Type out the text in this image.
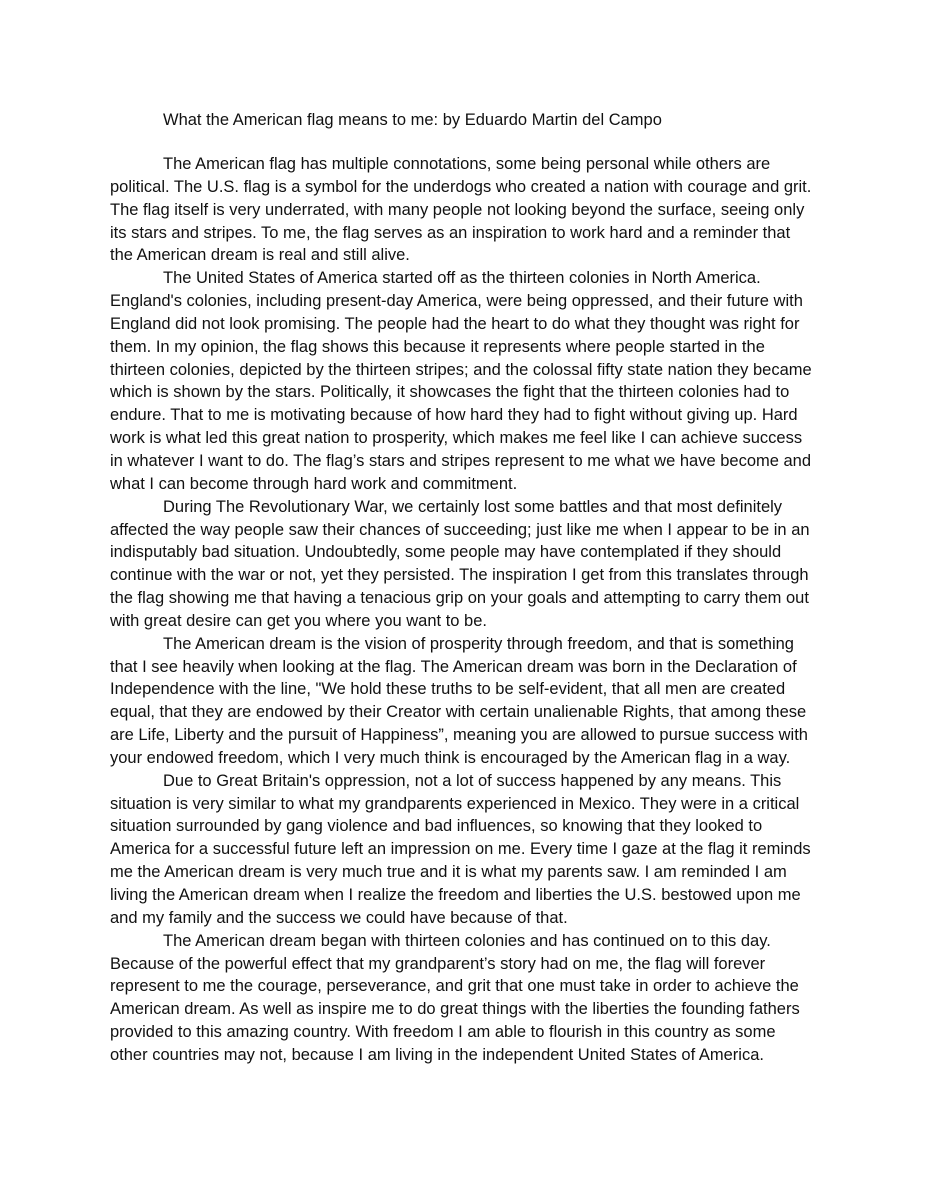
What the American flag means to me: by Eduardo Martin del Campo
The American flag has multiple connotations, some being personal while others are
political. The U.S. flag is a symbol for the underdogs who created a nation with courage and grit.
The flag itself is very underrated, with many people not looking beyond the surface, seeing only
its stars and stripes. To me, the flag serves as an inspiration to work hard and a reminder that
the American dream is real and still alive.
The United States of America started off as the thirteen colonies in North America.
England's colonies, including present-day America, were being oppressed, and their future with
England did not look promising. The people had the heart to do what they thought was right for
them. In my opinion, the flag shows this because it represents where people started in the
thirteen colonies, depicted by the thirteen stripes; and the colossal fifty state nation they became
which is shown by the stars. Politically, it showcases the fight that the thirteen colonies had to
endure. That to me is motivating because of how hard they had to fight without giving up. Hard
work is what led this great nation to prosperity, which makes me feel like I can achieve success
in whatever I want to do. The flag’s stars and stripes represent to me what we have become and
what I can become through hard work and commitment.
During The Revolutionary War, we certainly lost some battles and that most definitely
affected the way people saw their chances of succeeding; just like me when I appear to be in an
indisputably bad situation. Undoubtedly, some people may have contemplated if they should
continue with the war or not, yet they persisted. The inspiration I get from this translates through
the flag showing me that having a tenacious grip on your goals and attempting to carry them out
with great desire can get you where you want to be.
The American dream is the vision of prosperity through freedom, and that is something
that I see heavily when looking at the flag. The American dream was born in the Declaration of
Independence with the line, "We hold these truths to be self-evident, that all men are created
equal, that they are endowed by their Creator with certain unalienable Rights, that among these
are Life, Liberty and the pursuit of Happiness”, meaning you are allowed to pursue success with
your endowed freedom, which I very much think is encouraged by the American flag in a way.
Due to Great Britain's oppression, not a lot of success happened by any means. This
situation is very similar to what my grandparents experienced in Mexico. They were in a critical
situation surrounded by gang violence and bad influences, so knowing that they looked to
America for a successful future left an impression on me. Every time I gaze at the flag it reminds
me the American dream is very much true and it is what my parents saw. I am reminded I am
living the American dream when I realize the freedom and liberties the U.S. bestowed upon me
and my family and the success we could have because of that.
The American dream began with thirteen colonies and has continued on to this day.
Because of the powerful effect that my grandparent’s story had on me, the flag will forever
represent to me the courage, perseverance, and grit that one must take in order to achieve the
American dream. As well as inspire me to do great things with the liberties the founding fathers
provided to this amazing country. With freedom I am able to flourish in this country as some
other countries may not, because I am living in the independent United States of America.
